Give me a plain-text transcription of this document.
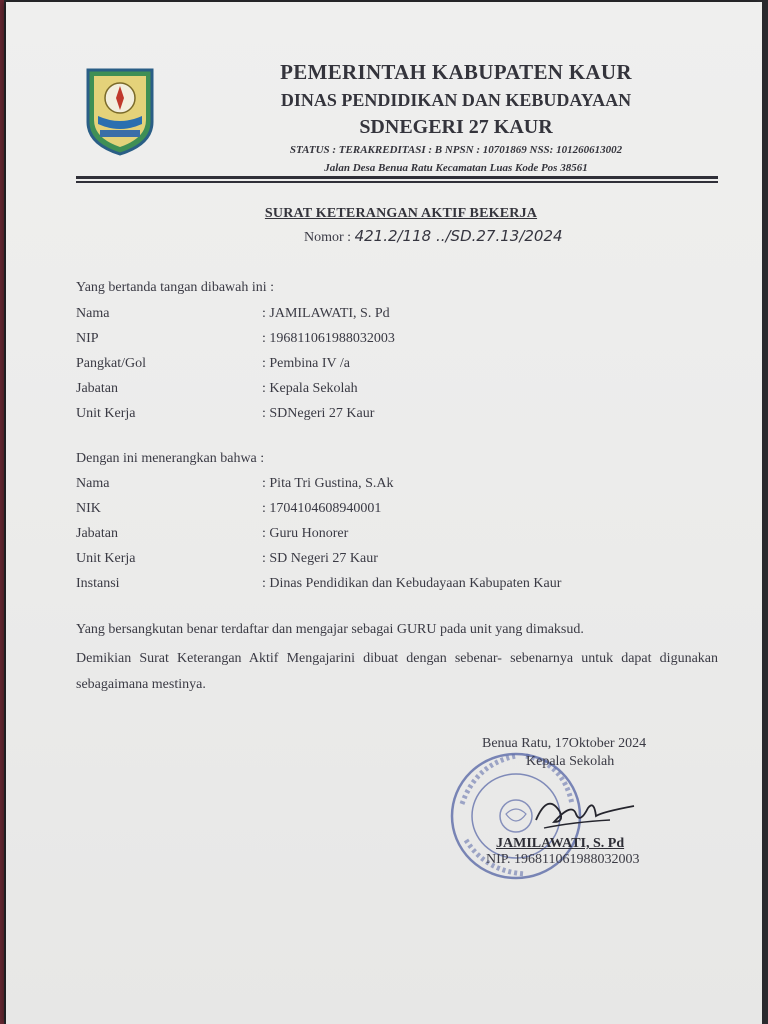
PEMERINTAH KABUPATEN KAUR
DINAS PENDIDIKAN DAN KEBUDAYAAN
SDNEGERI 27 KAUR
STATUS : TERAKREDITASI : B NPSN : 10701869 NSS: 101260613002
Jalan Desa Benua Ratu Kecamatan Luas Kode Pos 38561
SURAT KETERANGAN AKTIF BEKERJA
Nomor : 421.2/118 ../SD.27.13/2024
Yang bertanda tangan dibawah ini :
Nama	: JAMILAWATI, S. Pd
NIP	: 196811061988032003
Pangkat/Gol	: Pembina IV /a
Jabatan	: Kepala Sekolah
Unit Kerja	: SDNegeri 27 Kaur
Dengan ini menerangkan bahwa :
Nama	: Pita Tri Gustina, S.Ak
NIK	: 1704104608940001
Jabatan	: Guru Honorer
Unit Kerja	: SD Negeri 27 Kaur
Instansi	: Dinas Pendidikan dan Kebudayaan Kabupaten Kaur
Yang bersangkutan benar terdaftar dan mengajar sebagai GURU pada unit yang dimaksud.
Demikian Surat Keterangan Aktif Mengajarini dibuat dengan sebenar- sebenarnya untuk dapat digunakan sebagaimana mestinya.
Benua Ratu, 17Oktober 2024
Kepala Sekolah
JAMILAWATI, S. Pd
NIP. 196811061988032003
